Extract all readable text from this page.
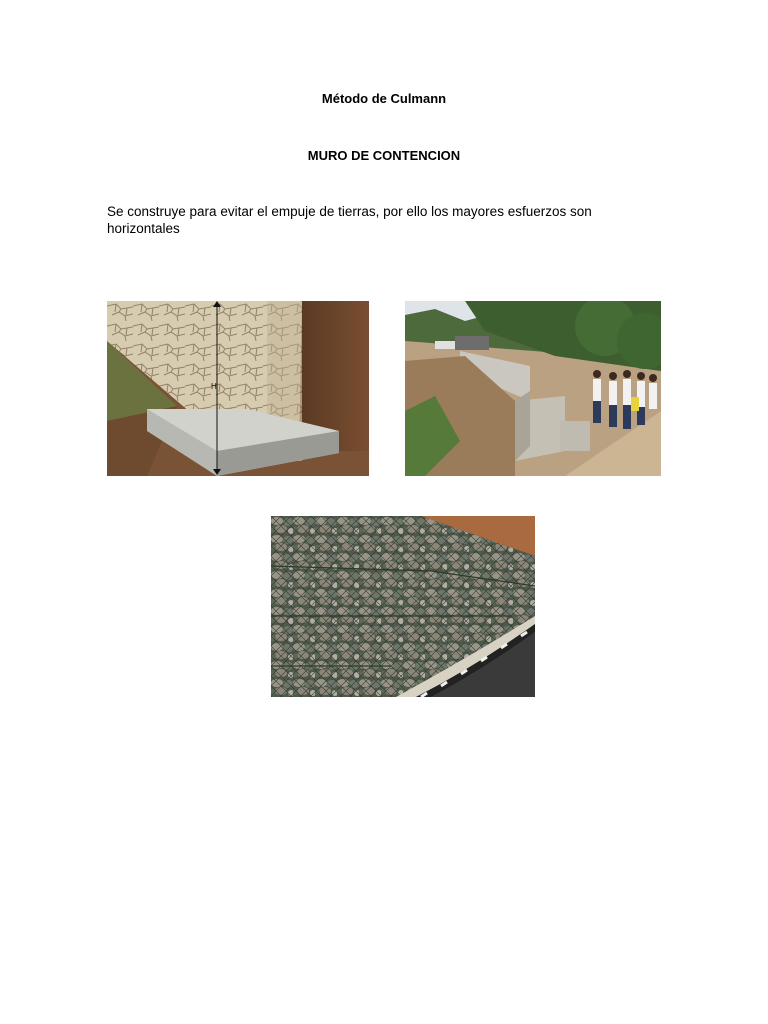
Método de Culmann
MURO DE CONTENCION
Se construye para evitar el empuje de tierras, por ello los mayores esfuerzos son horizontales
H
